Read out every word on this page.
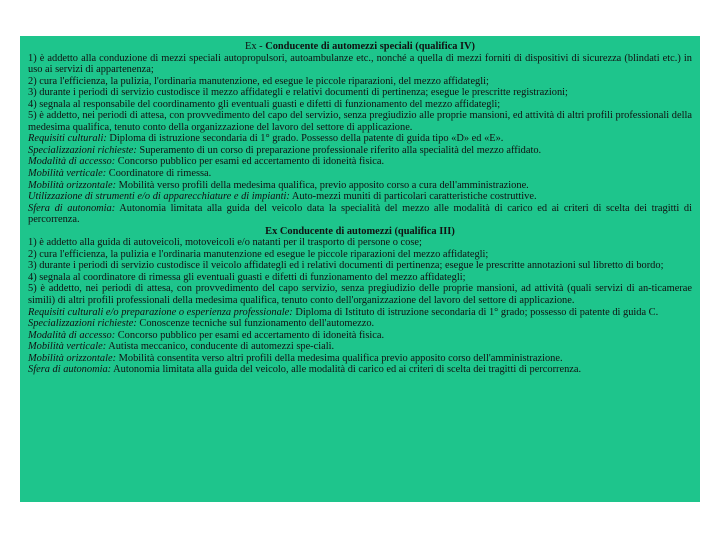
Ex - Conducente di automezzi speciali (qualifica IV)

1) è addetto alla conduzione di mezzi speciali autopropulsori, autoambulanze etc., nonché a quella di mezzi forniti di dispositivi di sicurezza (blindati etc.) in uso ai servizi di appartenenza;

2) cura l'efficienza, la pulizia, l'ordinaria manutenzione, ed esegue le piccole riparazioni, del mezzo affidategli;

3) durante i periodi di servizio custodisce il mezzo affidategli e relativi documenti di pertinenza; esegue le prescritte registrazioni;

4) segnala al responsabile del coordinamento gli eventuali guasti e difetti di funzionamento del mezzo affidategli;

5) è addetto, nei periodi di attesa, con provvedimento del capo del servizio, senza pregiudizio alle proprie mansioni, ed attività di altri profili professionali della medesima qualifica, tenuto conto della organizzazione del lavoro del settore di applicazione.

Requisiti culturali: Diploma di istruzione secondaria di 1° grado. Possesso della patente di guida tipo «D» ed «E».

Specializzazioni richieste: Superamento di un corso di preparazione professionale riferito alla specialità del mezzo affidato.

Modalità di accesso: Concorso pubblico per esami ed accertamento di idoneità fisica.

Mobilità verticale: Coordinatore di rimessa.

Mobilità orizzontale: Mobilità verso profili della medesima qualifica, previo apposito corso a cura dell'amministrazione.

Utilizzazione di strumenti e/o di apparecchiature e di impianti: Auto-mezzi muniti di particolari caratteristiche costruttive.

Sfera di autonomia: Autonomia limitata alla guida del veicolo data la specialità del mezzo alle modalità di carico ed ai criteri di scelta dei tragitti di percorrenza.

Ex Conducente di automezzi (qualifica III)

1) è addetto alla guida di autoveicoli, motoveicoli e/o natanti per il trasporto di persone o cose;

2) cura l'efficienza, la pulizia e l'ordinaria manutenzione ed esegue le piccole riparazioni del mezzo affidategli;

3) durante i periodi di servizio custodisce il veicolo affidategli ed i relativi documenti di pertinenza; esegue le prescritte annotazioni sul libretto di bordo;

4) segnala al coordinatore di rimessa gli eventuali guasti e difetti di funzionamento del mezzo affidategli;

5) è addetto, nei periodi di attesa, con provvedimento del capo servizio, senza pregiudizio delle proprie mansioni, ad attività (quali servizi di an-ticamerae simili) di altri profili professionali della medesima qualifica, tenuto conto dell'organizzazione del lavoro del settore di applicazione.

Requisiti culturali e/o preparazione o esperienza professionale: Diploma di Istituto di istruzione secondaria di 1° grado; possesso di patente di guida C.

Specializzazioni richieste: Conoscenze tecniche sul funzionamento dell'automezzo.

Modalità di accesso: Concorso pubblico per esami ed accertamento di idoneità fisica.

Mobilità verticale: Autista meccanico, conducente di automezzi spe-ciali.

Mobilità orizzontale: Mobilità consentita verso altri profili della medesima qualifica previo apposito corso dell'amministrazione.

Sfera di autonomia: Autonomia limitata alla guida del veicolo, alle modalità di carico ed ai criteri di scelta dei tragitti di percorrenza.
